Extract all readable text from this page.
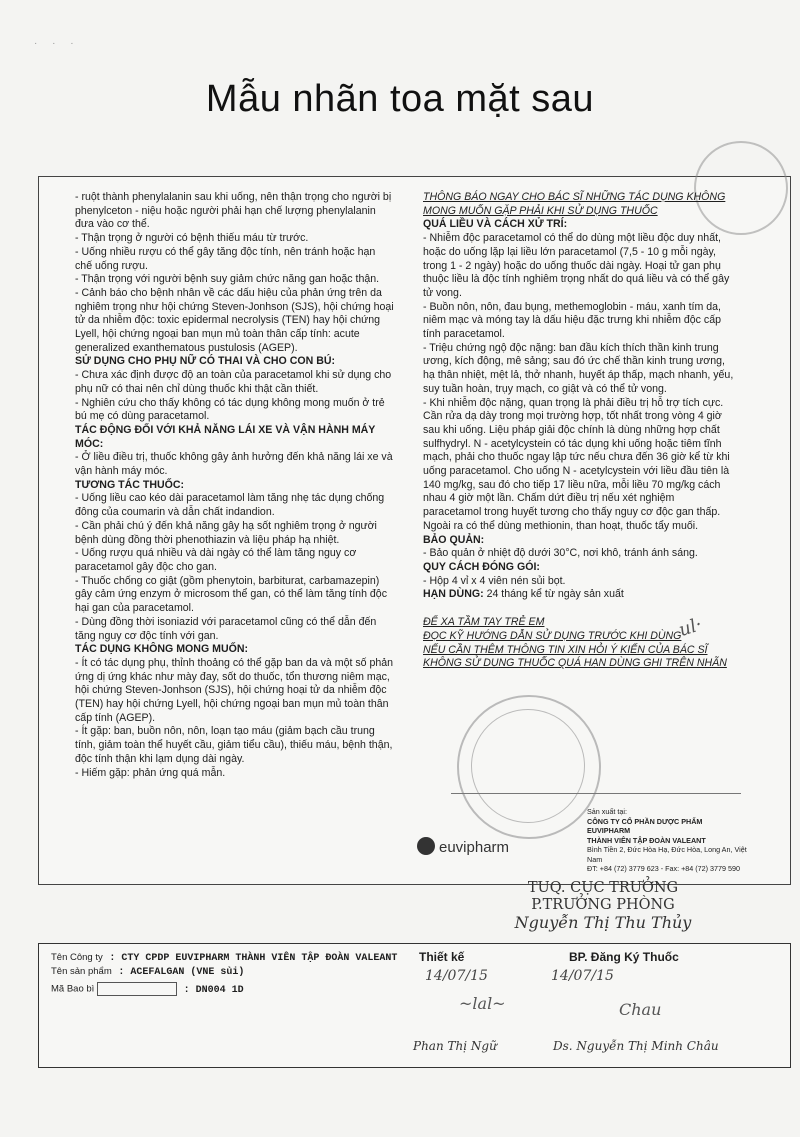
· · ·
Mẫu nhãn toa mặt sau

- ruột thành phenylalanin sau khi uống, nên thận trọng cho người bị phenylceton - niệu hoặc người phải hạn chế lượng phenylalanin đưa vào cơ thể.

- Thận trọng ở người có bệnh thiếu máu từ trước.

- Uống nhiều rượu có thể gây tăng độc tính, nên tránh hoặc hạn chế uống rượu.

- Thận trọng với người bệnh suy giảm chức năng gan hoặc thận.

- Cảnh báo cho bệnh nhân về các dấu hiệu của phản ứng trên da nghiêm trọng như hội chứng Steven-Jonhson (SJS), hội chứng hoại tử da nhiễm độc: toxic epidermal necrolysis (TEN) hay hội chứng Lyell, hội chứng ngoại ban mụn mủ toàn thân cấp tính: acute generalized exanthematous pustulosis (AGEP).

SỬ DỤNG CHO PHỤ NỮ CÓ THAI VÀ CHO CON BÚ:

- Chưa xác định được độ an toàn của paracetamol khi sử dụng cho phụ nữ có thai nên chỉ dùng thuốc khi thật cần thiết.

- Nghiên cứu cho thấy không có tác dụng không mong muốn ở trẻ bú mẹ có dùng paracetamol.

TÁC ĐỘNG ĐỐI VỚI KHẢ NĂNG LÁI XE VÀ VẬN HÀNH MÁY MÓC:

- Ở liều điều trị, thuốc không gây ảnh hưởng đến khả năng lái xe và vận hành máy móc.

TƯƠNG TÁC THUỐC:

- Uống liều cao kéo dài paracetamol làm tăng nhẹ tác dụng chống đông của coumarin và dẫn chất indandion.

- Cần phải chú ý đến khả năng gây hạ sốt nghiêm trọng ở người bệnh dùng đồng thời phenothiazin và liệu pháp hạ nhiệt.

- Uống rượu quá nhiều và dài ngày có thể làm tăng nguy cơ paracetamol gây độc cho gan.

- Thuốc chống co giật (gồm phenytoin, barbiturat, carbamazepin) gây cảm ứng enzym ở microsom thể gan, có thể làm tăng tính độc hại gan của paracetamol.

- Dùng đồng thời isoniazid với paracetamol cũng có thể dẫn đến tăng nguy cơ độc tính với gan.

TÁC DỤNG KHÔNG MONG MUỐN:

- Ít có tác dụng phụ, thỉnh thoảng có thể gặp ban da và một số phản ứng dị ứng khác như mày đay, sốt do thuốc, tổn thương niêm mạc, hội chứng Steven-Jonhson (SJS), hội chứng hoại tử da nhiễm độc (TEN) hay hội chứng Lyell, hội chứng ngoại ban mụn mủ toàn thân cấp tính (AGEP).

- Ít gặp: ban, buồn nôn, nôn, loạn tạo máu (giảm bạch cầu trung tính, giảm toàn thể huyết cầu, giảm tiểu cầu), thiếu máu, bệnh thận, độc tính thận khi lạm dụng dài ngày.

- Hiếm gặp: phản ứng quá mẫn.

THÔNG BÁO NGAY CHO BÁC SĨ NHỮNG TÁC DỤNG KHÔNG MONG MUỐN GẶP PHẢI KHI SỬ DỤNG THUỐC

QUÁ LIỀU VÀ CÁCH XỬ TRÍ:

- Nhiễm độc paracetamol có thể do dùng một liều độc duy nhất, hoặc do uống lặp lại liều lớn paracetamol (7,5 - 10 g mỗi ngày, trong 1 - 2 ngày) hoặc do uống thuốc dài ngày. Hoại tử gan phụ thuộc liều là độc tính nghiêm trọng nhất do quá liều và có thể gây tử vong.

- Buồn nôn, nôn, đau bụng, methemoglobin - máu, xanh tím da, niêm mạc và móng tay là dấu hiệu đặc trưng khi nhiễm độc cấp tính paracetamol.

- Triệu chứng ngộ độc nặng: ban đầu kích thích thần kinh trung ương, kích động, mê sảng; sau đó ức chế thần kinh trung ương, hạ thân nhiệt, mệt lả, thở nhanh, huyết áp thấp, mạch nhanh, yếu, suy tuần hoàn, trụy mạch, co giật và có thể tử vong.

- Khi nhiễm độc nặng, quan trọng là phải điều trị hỗ trợ tích cực. Cần rửa dạ dày trong mọi trường hợp, tốt nhất trong vòng 4 giờ sau khi uống. Liệu pháp giải độc chính là dùng những hợp chất sulfhydryl. N - acetylcystein có tác dụng khi uống hoặc tiêm tĩnh mạch, phải cho thuốc ngay lập tức nếu chưa đến 36 giờ kể từ khi uống paracetamol. Cho uống N - acetylcystein với liều đầu tiên là 140 mg/kg, sau đó cho tiếp 17 liều nữa, mỗi liều 70 mg/kg cách nhau 4 giờ một lần. Chấm dứt điều trị nếu xét nghiệm paracetamol trong huyết tương cho thấy nguy cơ độc gan thấp. Ngoài ra có thể dùng methionin, than hoạt, thuốc tẩy muối.

BẢO QUẢN:

- Bảo quản ở nhiệt độ dưới 30°C, nơi khô, tránh ánh sáng.

QUY CÁCH ĐÓNG GÓI:

- Hộp 4 vỉ x 4 viên nén sủi bọt.

HẠN DÙNG: 24 tháng kể từ ngày sản xuất

ĐỂ XA TẦM TAY TRẺ EM

ĐỌC KỸ HƯỚNG DẪN SỬ DỤNG TRƯỚC KHI DÙNG

NẾU CẦN THÊM THÔNG TIN XIN HỎI Ý KIẾN CỦA BÁC SĨ

KHÔNG SỬ DỤNG THUỐC QUÁ HẠN DÙNG GHI TRÊN NHÃN

ul·
euvipharm
Sản xuất tại:
CÔNG TY CỔ PHẦN DƯỢC PHẨM EUVIPHARM
THÀNH VIÊN TẬP ĐOÀN VALEANT
Bình Tiền 2, Đức Hòa Hạ, Đức Hòa, Long An, Việt Nam
ĐT: +84 (72) 3779 623 - Fax: +84 (72) 3779 590
TUQ. CỤC TRƯỞNG
P.TRƯỞNG PHÒNG
Nguyễn Thị Thu Thủy
Tên Công ty : CTY CPDP EUVIPHARM THÀNH VIÊN TẬP ĐOÀN VALEANT
Tên sản phẩm : ACEFALGAN (VNE sủi)
Mã Bao bì	: DN004 1D
Thiết kế
14/07/15
~lal~
Phan Thị Ngữ
BP. Đăng Ký Thuốc
14/07/15
Chau
Ds. Nguyễn Thị Minh Châu
